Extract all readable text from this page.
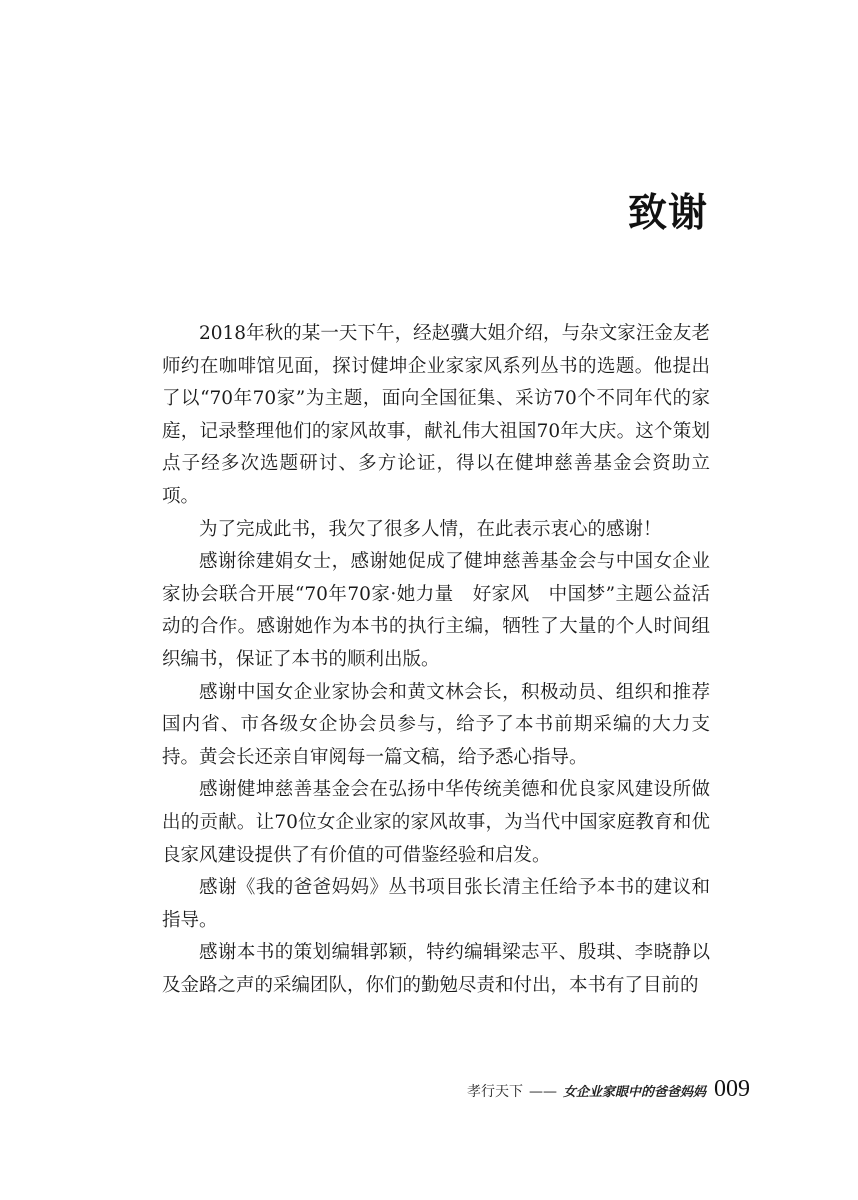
致谢

2018年秋的某一天下午，经赵骥大姐介绍，与杂文家汪金友老师约在咖啡馆见面，探讨健坤企业家家风系列丛书的选题。他提出了以“70年70家”为主题，面向全国征集、采访70个不同年代的家庭，记录整理他们的家风故事，献礼伟大祖国70年大庆。这个策划点子经多次选题研讨、多方论证，得以在健坤慈善基金会资助立项。

为了完成此书，我欠了很多人情，在此表示衷心的感谢！

感谢徐建娟女士，感谢她促成了健坤慈善基金会与中国女企业家协会联合开展“70年70家·她力量　好家风　中国梦”主题公益活动的合作。感谢她作为本书的执行主编，牺牲了大量的个人时间组织编书，保证了本书的顺利出版。

感谢中国女企业家协会和黄文林会长，积极动员、组织和推荐国内省、市各级女企协会员参与，给予了本书前期采编的大力支持。黄会长还亲自审阅每一篇文稿，给予悉心指导。

感谢健坤慈善基金会在弘扬中华传统美德和优良家风建设所做出的贡献。让70位女企业家的家风故事，为当代中国家庭教育和优良家风建设提供了有价值的可借鉴经验和启发。

感谢《我的爸爸妈妈》丛书项目张长清主任给予本书的建议和指导。

感谢本书的策划编辑郭颖，特约编辑梁志平、殷琪、李晓静以及金路之声的采编团队，你们的勤勉尽责和付出，本书有了目前的

孝行天下 —— 女企业家眼中的爸爸妈妈 009
